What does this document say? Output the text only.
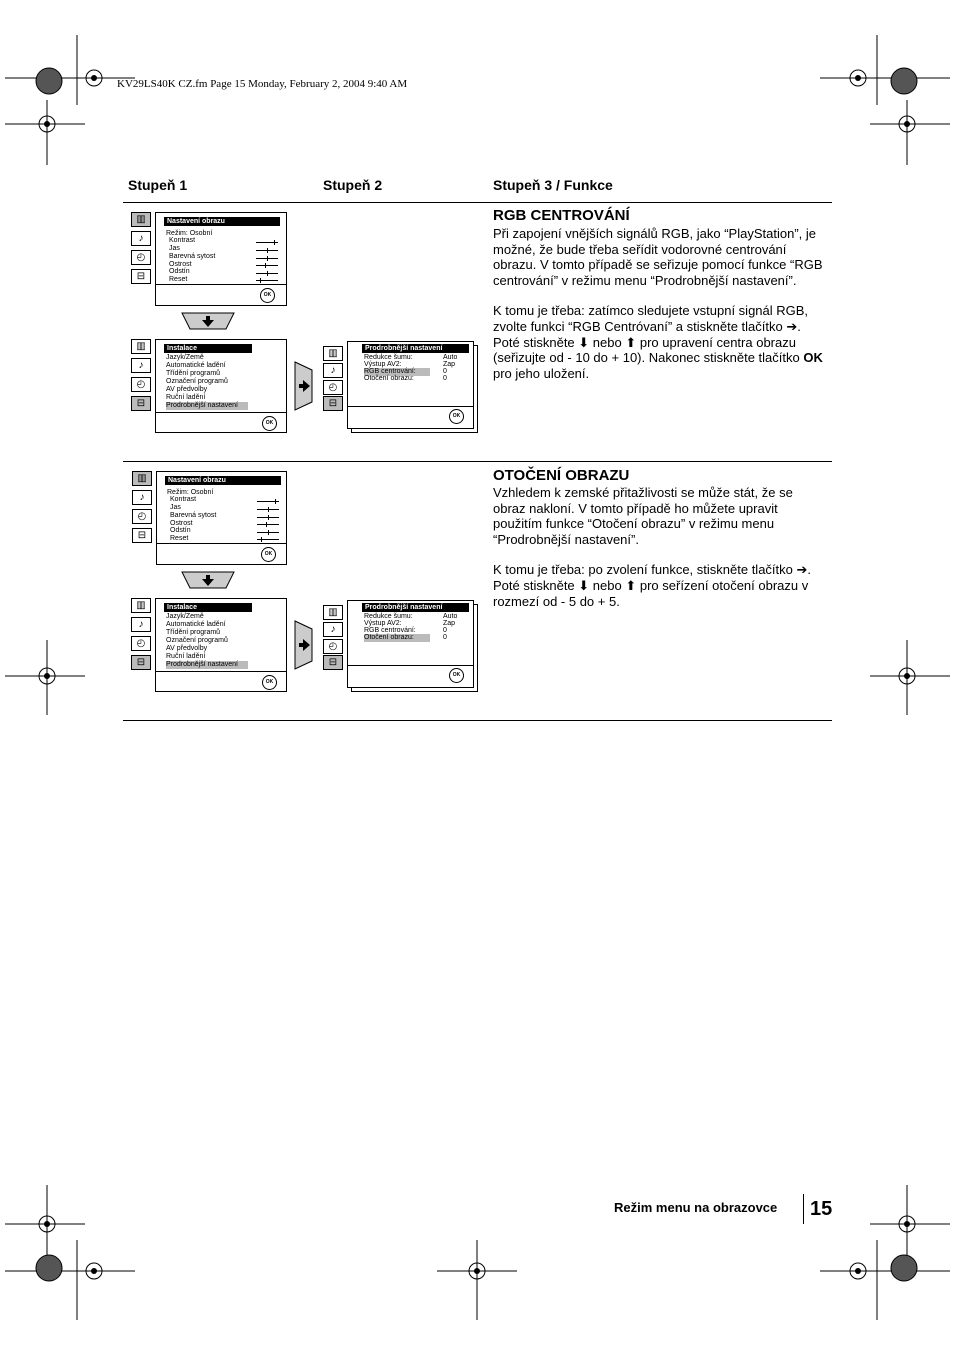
KV29LS40K CZ.fm Page 15 Monday, February 2, 2004 9:40 AM
Stupeň 1	Stupeň 2	Stupeň 3 / Funkce
RGB CENTROVÁNÍ

Při zapojení vnějších signálů RGB, jako “PlayStation”, je možné, že bude třeba seřídit vodorovné centrování obrazu. V tomto případě se seřizuje pomocí funkce “RGB centrování” v režimu menu “Prodrobnější nastavení”.

K tomu je třeba: zatímco sledujete vstupní signál RGB, zvolte funkci “RGB Centróvaní” a stiskněte tlačítko ➔. Poté stiskněte ⬇ nebo ⬆ pro upravení centra obrazu (seřizujte od - 10 do + 10). Nakonec stiskněte tlačítko OK pro jeho uložení.

▥
♪
◴
⊟
Nastavení obrazu
Režim: Osobní
Kontrast
Jas
Barevná sytost
Ostrost
Odstín
Reset
OK
▥
♪
◴
⊟
Instalace
Jazyk/Země
Automatické ladění
Třídění programů
Označení programů
AV předvolby
Ruční ladění
Prodrobnější nastavení
OK
▥
♪
◴
⊟
Prodrobnější nastavení
Redukce šumu:
Výstup AV2:
RGB centrování:
Otočení obrazu:
Auto
Zap
0
0
OK
OTOČENÍ OBRAZU

Vzhledem k zemské přitažlivosti se může stát, že se obraz nakloní. V tomto případě ho můžete upravit použitím funkce “Otočení obrazu” v režimu menu “Prodrobnější nastavení”.

K tomu je třeba: po zvolení funkce, stiskněte tlačítko ➔. Poté stiskněte ⬇ nebo ⬆ pro seřízení otočení obrazu v rozmezí od - 5 do + 5.

▥
♪
◴
⊟
Nastavení obrazu
Režim: Osobní
Kontrast
Jas
Barevná sytost
Ostrost
Odstín
Reset
OK
▥
♪
◴
⊟
Instalace
Jazyk/Země
Automatické ladění
Třídění programů
Označení programů
AV předvolby
Ruční ladění
Prodrobnější nastavení
OK
▥
♪
◴
⊟
Prodrobnější nastavení
Redukce šumu:
Výstup AV2:
RGB centrování:
Otočení obrazu:
Auto
Zap
0
0
OK
Režim menu na obrazovce 15
